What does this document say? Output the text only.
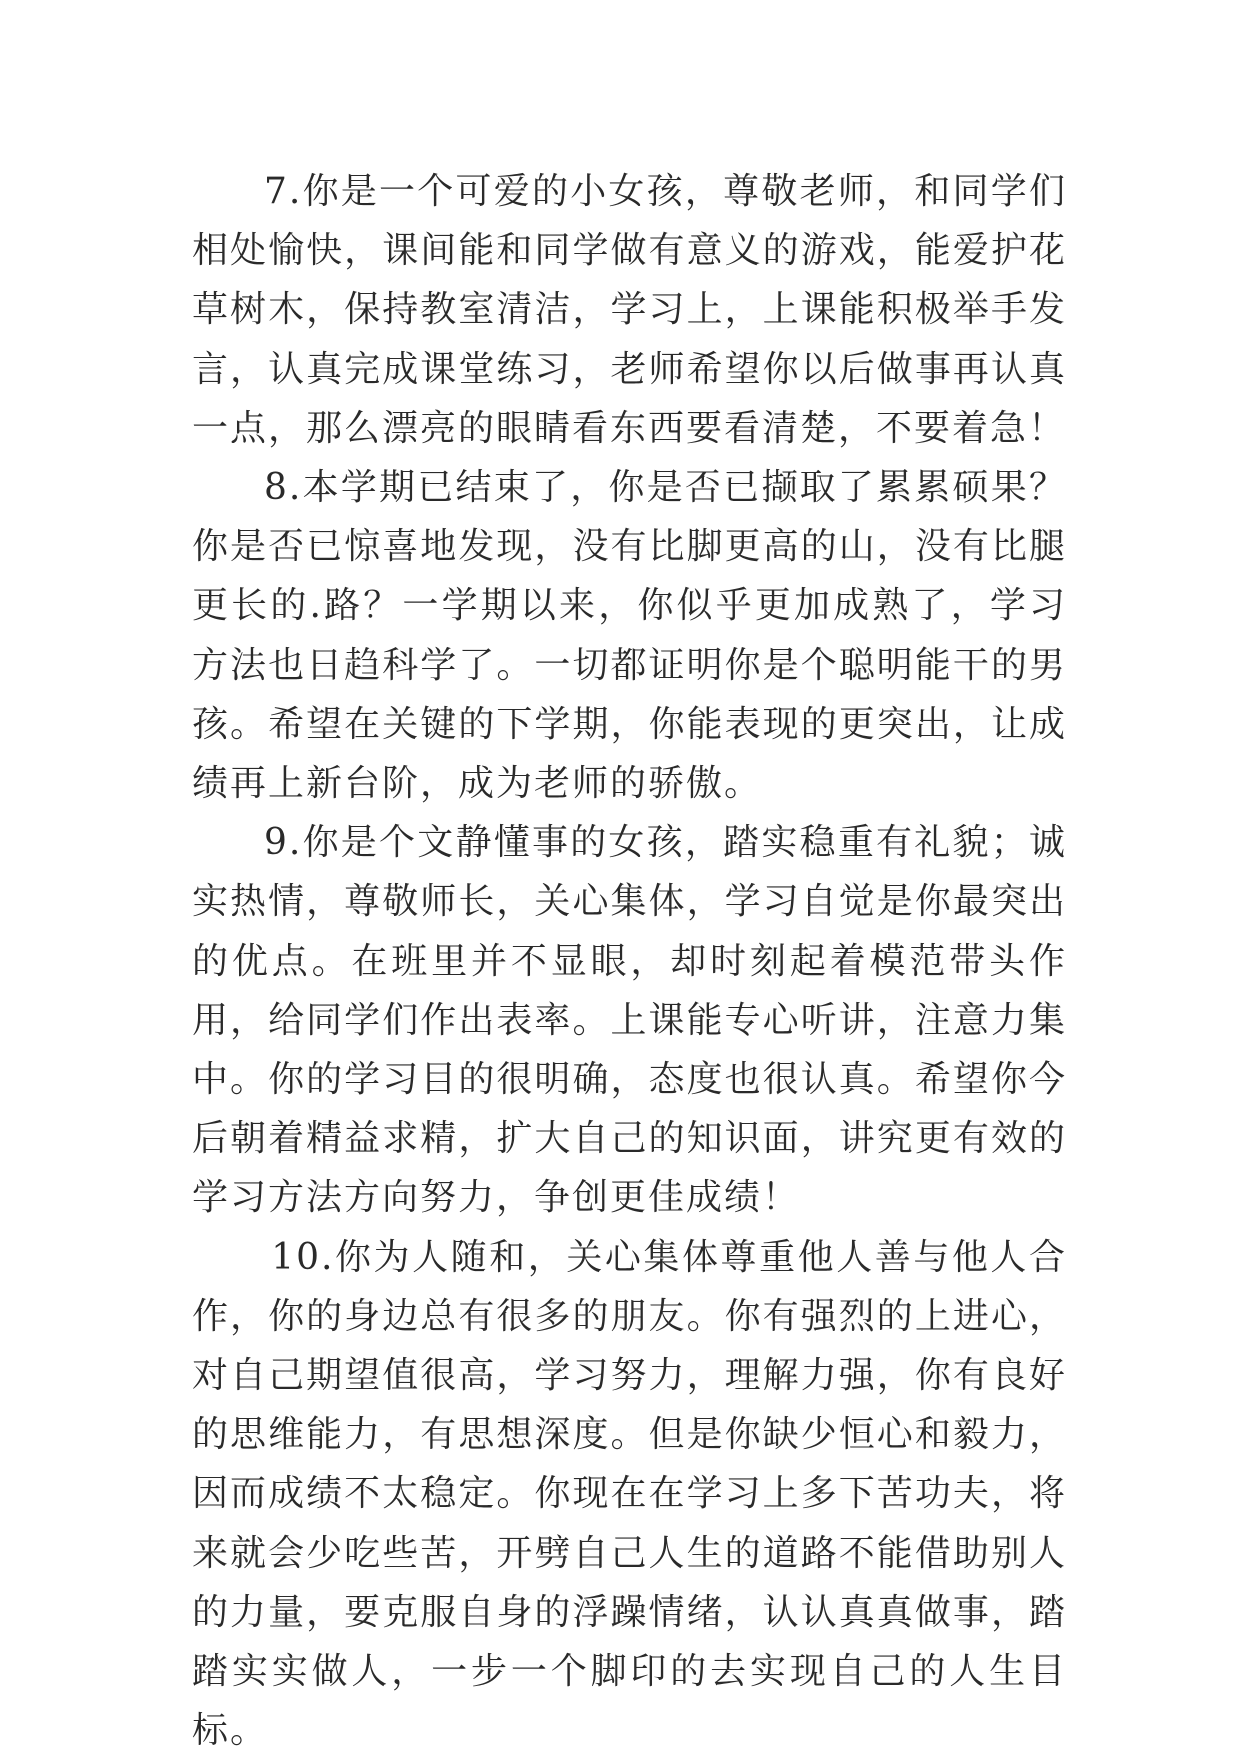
7.你是一个可爱的小女孩，尊敬老师，和同学们相处愉快，课间能和同学做有意义的游戏，能爱护花草树木，保持教室清洁，学习上，上课能积极举手发言，认真完成课堂练习，老师希望你以后做事再认真一点，那么漂亮的眼睛看东西要看清楚，不要着急！

8.本学期已结束了，你是否已撷取了累累硕果？你是否已惊喜地发现，没有比脚更高的山，没有比腿更长的.路？一学期以来，你似乎更加成熟了，学习方法也日趋科学了。一切都证明你是个聪明能干的男孩。希望在关键的下学期，你能表现的更突出，让成绩再上新台阶，成为老师的骄傲。

9.你是个文静懂事的女孩，踏实稳重有礼貌；诚实热情，尊敬师长，关心集体，学习自觉是你最突出的优点。在班里并不显眼，却时刻起着模范带头作用，给同学们作出表率。上课能专心听讲，注意力集中。你的学习目的很明确，态度也很认真。希望你今后朝着精益求精，扩大自己的知识面，讲究更有效的学习方法方向努力，争创更佳成绩！

10.你为人随和，关心集体尊重他人善与他人合作，你的身边总有很多的朋友。你有强烈的上进心，对自己期望值很高，学习努力，理解力强，你有良好的思维能力，有思想深度。但是你缺少恒心和毅力，因而成绩不太稳定。你现在在学习上多下苦功夫，将来就会少吃些苦，开劈自己人生的道路不能借助别人的力量，要克服自身的浮躁情绪，认认真真做事，踏踏实实做人，一步一个脚印的去实现自己的人生目标。
